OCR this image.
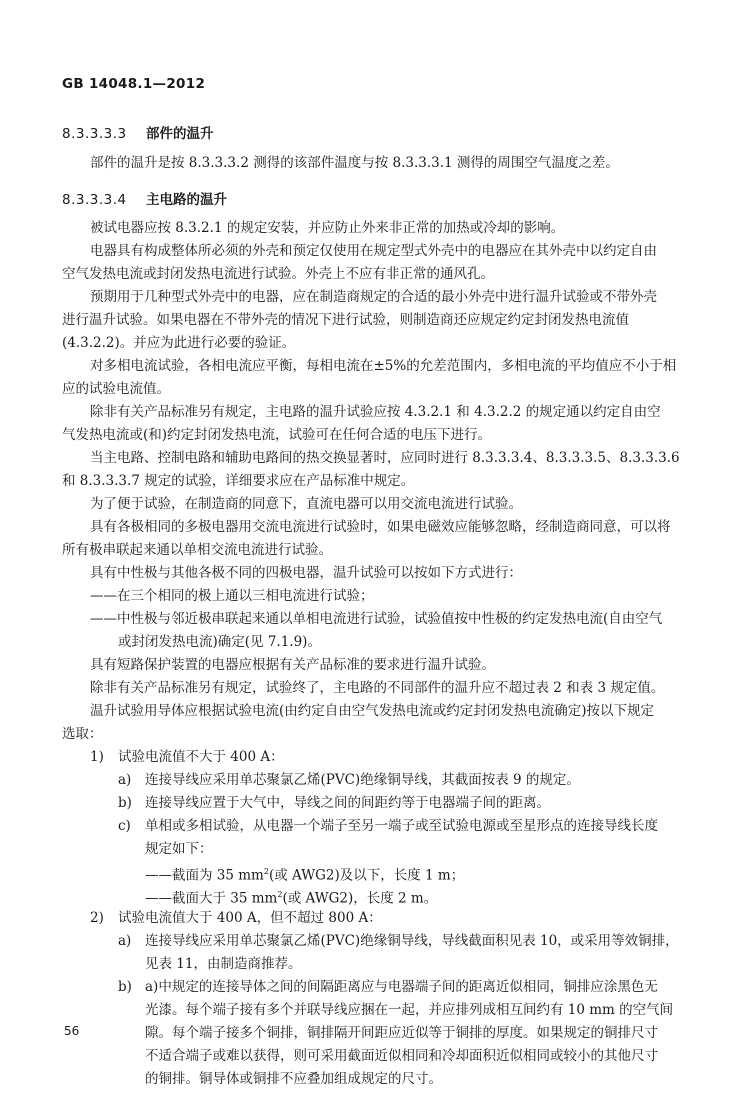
GB 14048.1—2012
8.3.3.3.3 部件的温升
部件的温升是按 8.3.3.3.2 测得的该部件温度与按 8.3.3.3.1 测得的周围空气温度之差。
8.3.3.3.4 主电路的温升
被试电器应按 8.3.2.1 的规定安装，并应防止外来非正常的加热或冷却的影响。
电器具有构成整体所必须的外壳和预定仅使用在规定型式外壳中的电器应在其外壳中以约定自由
空气发热电流或封闭发热电流进行试验。外壳上不应有非正常的通风孔。
预期用于几种型式外壳中的电器，应在制造商规定的合适的最小外壳中进行温升试验或不带外壳
进行温升试验。如果电器在不带外壳的情况下进行试验，则制造商还应规定约定封闭发热电流值
(4.3.2.2)。并应为此进行必要的验证。
对多相电流试验，各相电流应平衡，每相电流在±5%的允差范围内，多相电流的平均值应不小于相
应的试验电流值。
除非有关产品标准另有规定，主电路的温升试验应按 4.3.2.1 和 4.3.2.2 的规定通以约定自由空
气发热电流或(和)约定封闭发热电流，试验可在任何合适的电压下进行。
当主电路、控制电路和辅助电路间的热交换显著时，应同时进行 8.3.3.3.4、8.3.3.3.5、8.3.3.3.6
和 8.3.3.3.7 规定的试验，详细要求应在产品标准中规定。
为了便于试验，在制造商的同意下，直流电器可以用交流电流进行试验。
具有各极相同的多极电器用交流电流进行试验时，如果电磁效应能够忽略，经制造商同意，可以将
所有极串联起来通以单相交流电流进行试验。
具有中性极与其他各极不同的四极电器，温升试验可以按如下方式进行：
——在三个相同的极上通以三相电流进行试验；
——中性极与邻近极串联起来通以单相电流进行试验，试验值按中性极的约定发热电流(自由空气
或封闭发热电流)确定(见 7.1.9)。
具有短路保护装置的电器应根据有关产品标准的要求进行温升试验。
除非有关产品标准另有规定，试验终了，主电路的不同部件的温升应不超过表 2 和表 3 规定值。
温升试验用导体应根据试验电流(由约定自由空气发热电流或约定封闭发热电流确定)按以下规定
选取：
1) 试验电流值不大于 400 A：
a) 连接导线应采用单芯聚氯乙烯(PVC)绝缘铜导线，其截面按表 9 的规定。
b) 连接导线应置于大气中，导线之间的间距约等于电器端子间的距离。
c) 单相或多相试验，从电器一个端子至另一端子或至试验电源或至星形点的连接导线长度
规定如下：
——截面为 35 $mm^2$(或 AWG2)及以下，长度 1 m；
——截面大于 35 $mm^2$(或 AWG2)，长度 2 m。
2) 试验电流值大于 400 A，但不超过 800 A：
a) 连接导线应采用单芯聚氯乙烯(PVC)绝缘铜导线，导线截面积见表 10，或采用等效铜排，
见表 11，由制造商推荐。
b) a)中规定的连接导体之间的间隔距离应与电器端子间的距离近似相同，铜排应涂黑色无
光漆。每个端子接有多个并联导线应捆在一起，并应排列成相互间约有 10 mm 的空气间
隙。每个端子接多个铜排，铜排隔开间距应近似等于铜排的厚度。如果规定的铜排尺寸
不适合端子或难以获得，则可采用截面近似相同和冷却面积近似相同或较小的其他尺寸
的铜排。铜导体或铜排不应叠加组成规定的尺寸。
56
